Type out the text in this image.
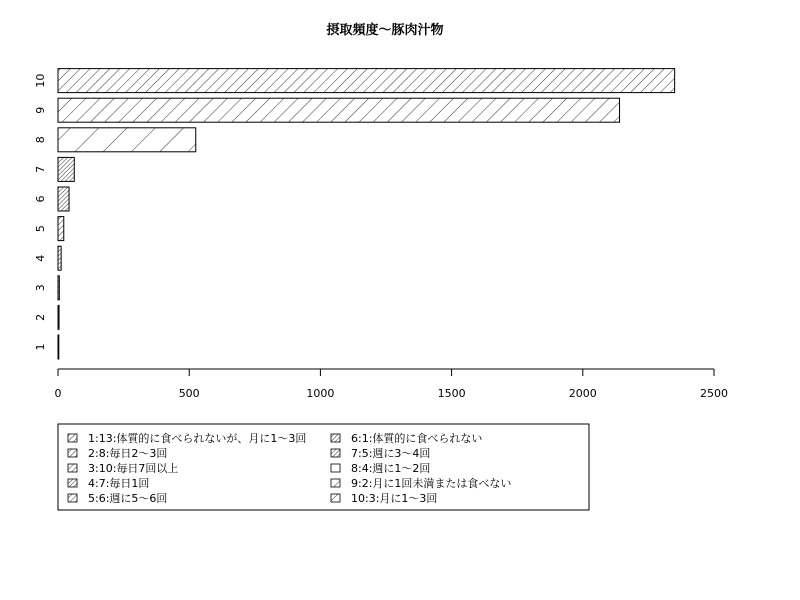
摂取頻度～豚肉汁物
1
2
3
4
5
6
7
8
9
10
0	500	1000	1500	2000	2500
1:13:体質的に食べられないが、月に1～3回
2:8:毎日2～3回
3:10:毎日7回以上
4:7:毎日1回
5:6:週に5～6回
6:1:体質的に食べられない
7:5:週に3～4回
8:4:週に1～2回
9:2:月に1回未満または食べない
10:3:月に1～3回
